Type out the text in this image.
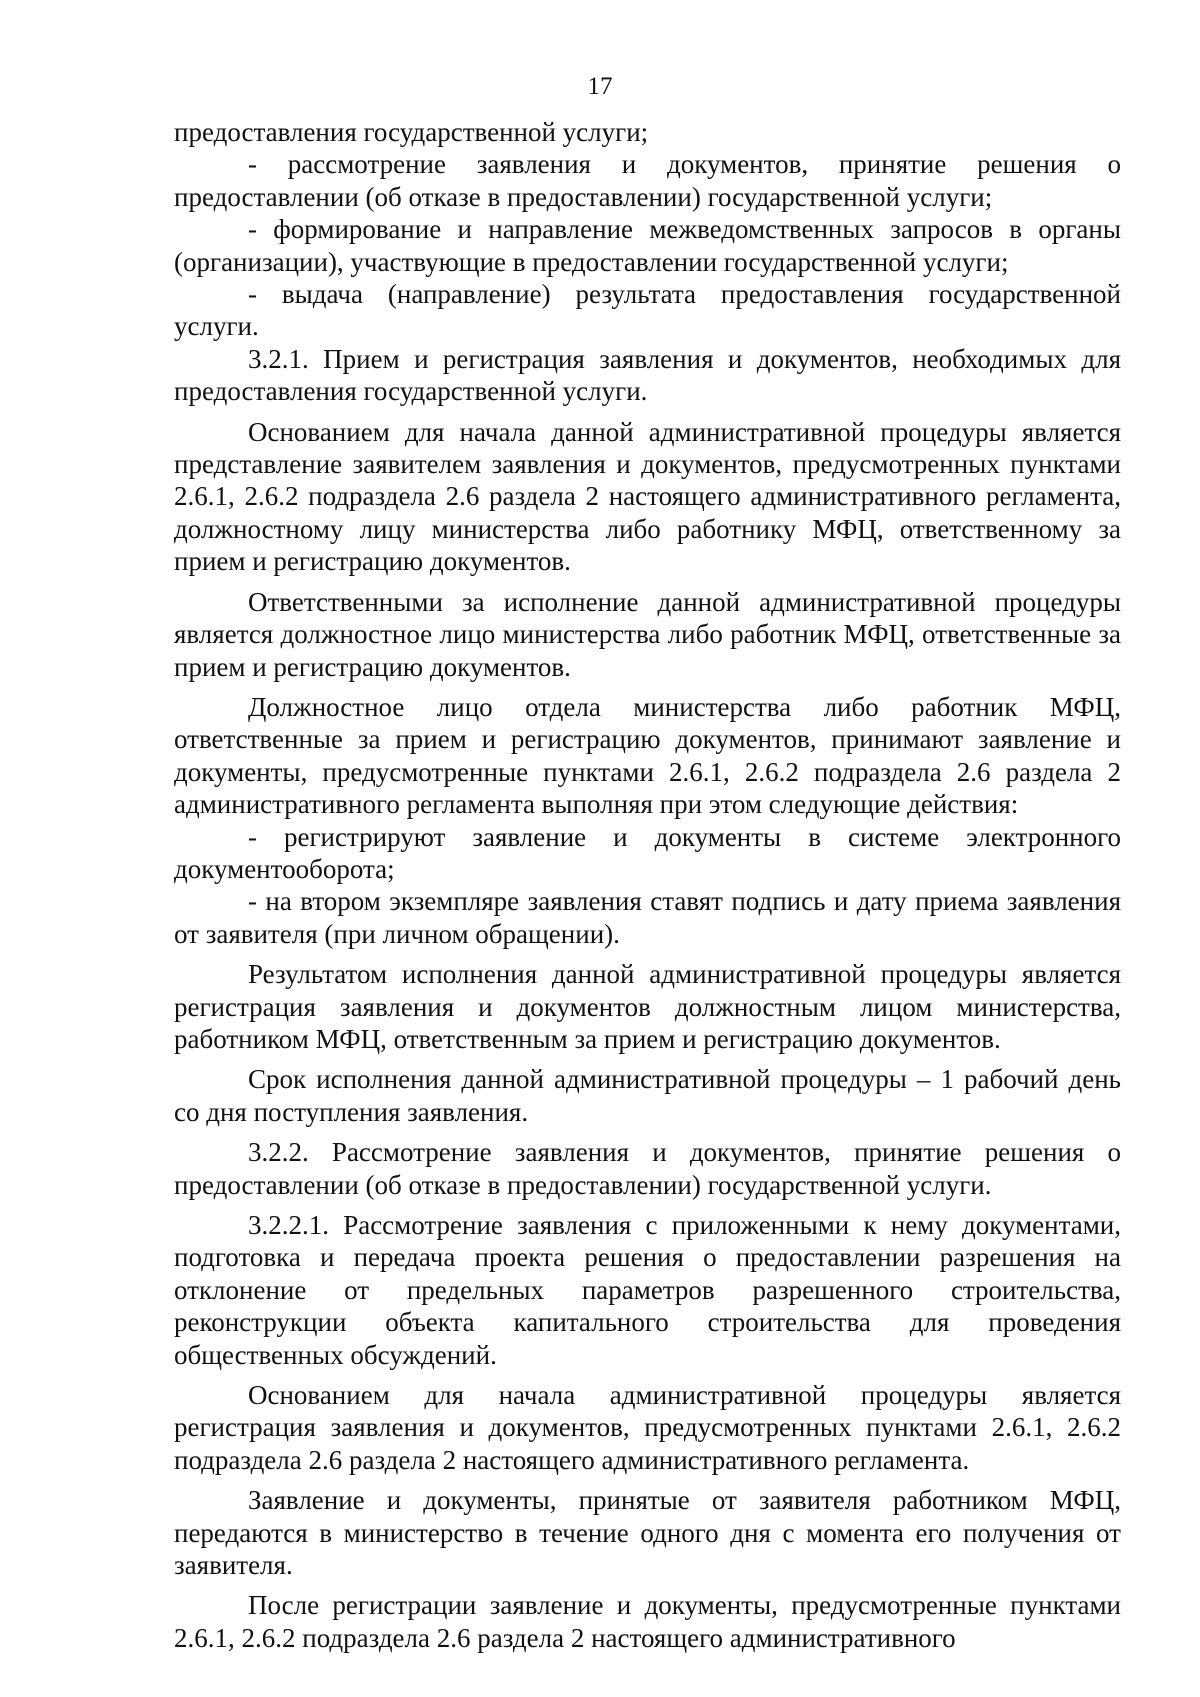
17

предоставления государственной услуги;

- рассмотрение заявления и документов, принятие решения о предоставлении (об отказе в предоставлении) государственной услуги;

- формирование и направление межведомственных запросов в органы (организации), участвующие в предоставлении государственной услуги;

- выдача (направление) результата предоставления государственной услуги.

3.2.1. Прием и регистрация заявления и документов, необходимых для предоставления государственной услуги.

Основанием для начала данной административной процедуры является представление заявителем заявления и документов, предусмотренных пунктами 2.6.1, 2.6.2 подраздела 2.6 раздела 2 настоящего административного регламента, должностному лицу министерства либо работнику МФЦ, ответственному за прием и регистрацию документов.

Ответственными за исполнение данной административной процедуры является должностное лицо министерства либо работник МФЦ, ответственные за прием и регистрацию документов.

Должностное лицо отдела министерства либо работник МФЦ, ответственные за прием и регистрацию документов, принимают заявление и документы, предусмотренные пунктами 2.6.1, 2.6.2 подраздела 2.6 раздела 2 административного регламента выполняя при этом следующие действия:

- регистрируют заявление и документы в системе электронного документооборота;

- на втором экземпляре заявления ставят подпись и дату приема заявления от заявителя (при личном обращении).

Результатом исполнения данной административной процедуры является регистрация заявления и документов должностным лицом министерства, работником МФЦ, ответственным за прием и регистрацию документов.

Срок исполнения данной административной процедуры – 1 рабочий день со дня поступления заявления.

3.2.2. Рассмотрение заявления и документов, принятие решения о предоставлении (об отказе в предоставлении) государственной услуги.

3.2.2.1. Рассмотрение заявления с приложенными к нему документами, подготовка и передача проекта решения о предоставлении разрешения на отклонение от предельных параметров разрешенного строительства, реконструкции объекта капитального строительства для проведения общественных обсуждений.

Основанием для начала административной процедуры является регистрация заявления и документов, предусмотренных пунктами 2.6.1, 2.6.2 подраздела 2.6 раздела 2 настоящего административного регламента.

Заявление и документы, принятые от заявителя работником МФЦ, передаются в министерство в течение одного дня с момента его получения от заявителя.

После регистрации заявление и документы, предусмотренные пунктами 2.6.1, 2.6.2 подраздела 2.6 раздела 2 настоящего административного
